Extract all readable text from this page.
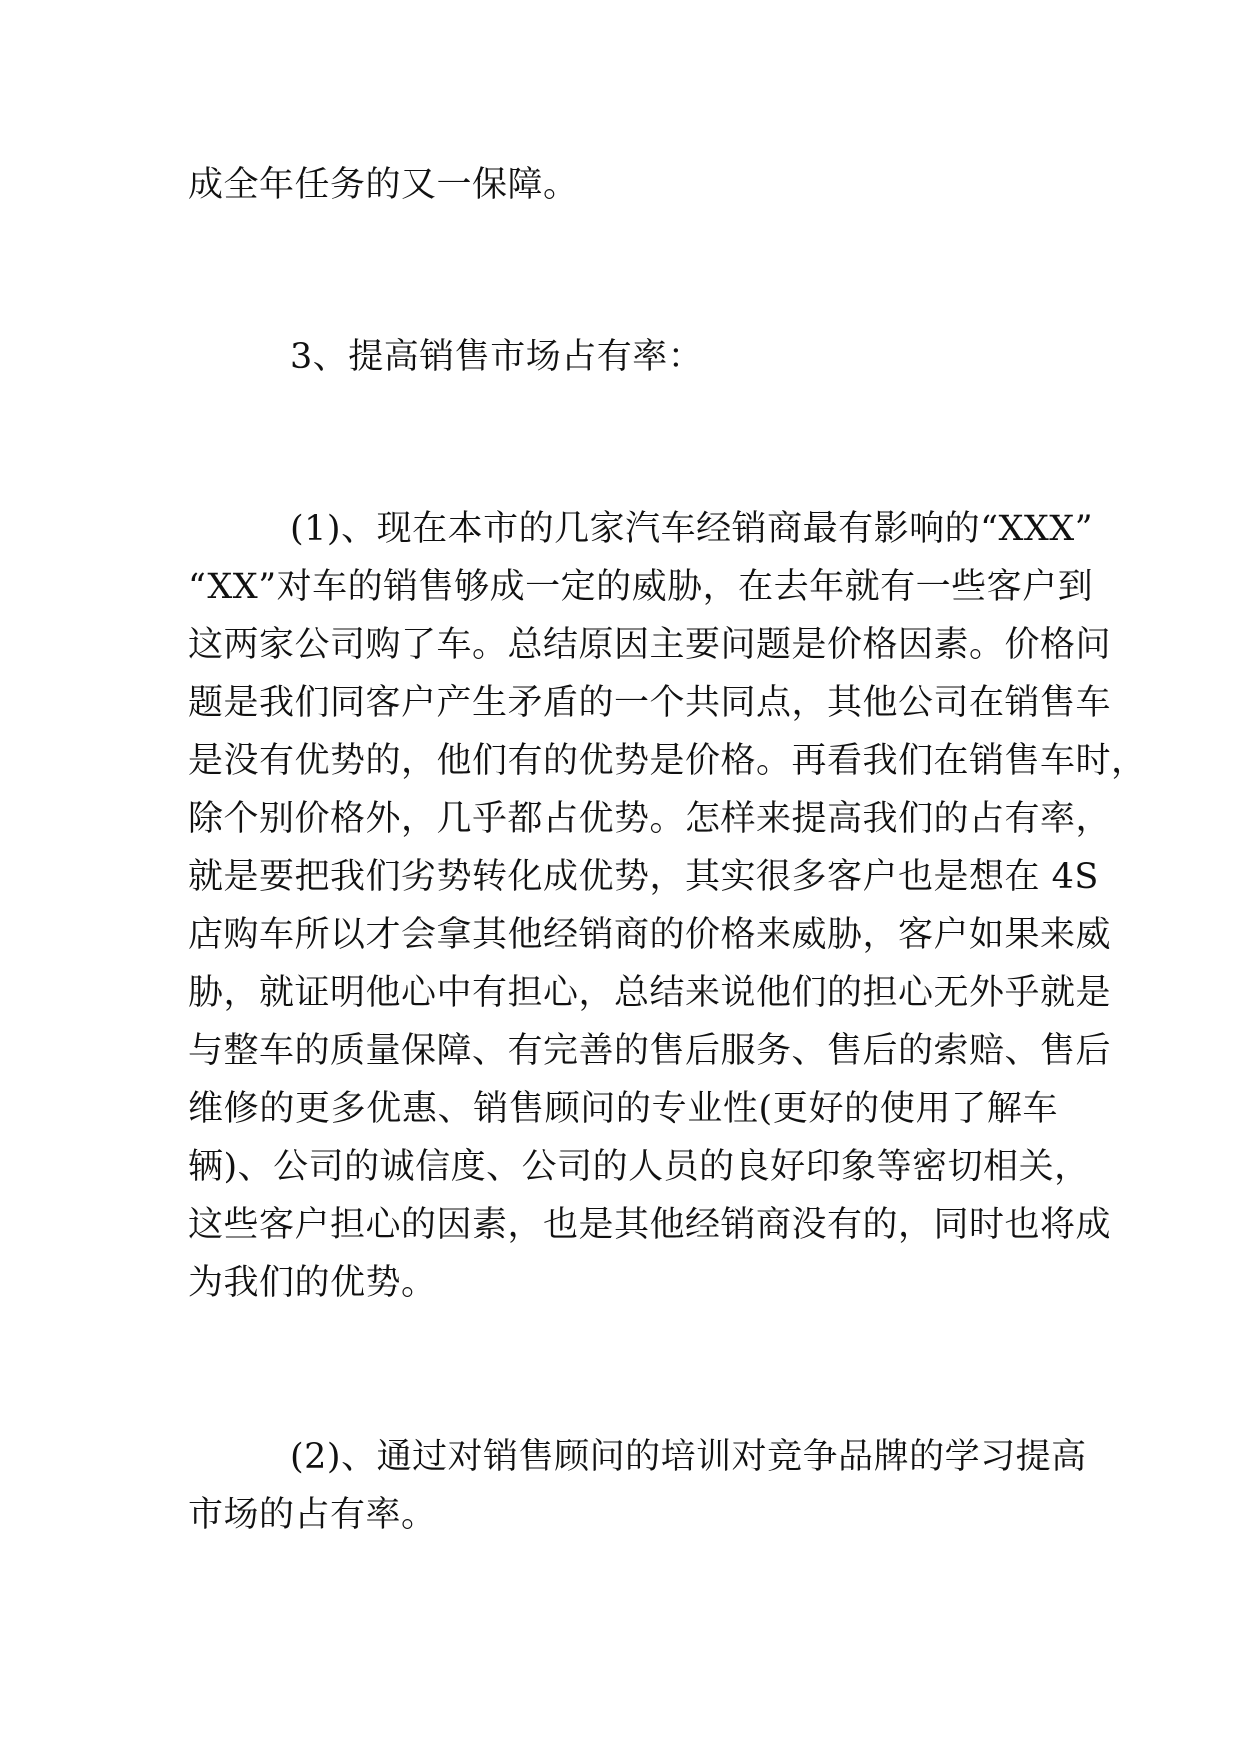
成全年任务的又一保障。
3、提高销售市场占有率：
(1)、现在本市的几家汽车经销商最有影响的“XXX”
“XX”对车的销售够成一定的威胁，在去年就有一些客户到
这两家公司购了车。总结原因主要问题是价格因素。价格问
题是我们同客户产生矛盾的一个共同点，其他公司在销售车
是没有优势的，他们有的优势是价格。再看我们在销售车时，
除个别价格外，几乎都占优势。怎样来提高我们的占有率，
就是要把我们劣势转化成优势，其实很多客户也是想在 4S
店购车所以才会拿其他经销商的价格来威胁，客户如果来威
胁，就证明他心中有担心，总结来说他们的担心无外乎就是
与整车的质量保障、有完善的售后服务、售后的索赔、售后
维修的更多优惠、销售顾问的专业性(更好的使用了解车
辆)、公司的诚信度、公司的人员的良好印象等密切相关，
这些客户担心的因素，也是其他经销商没有的，同时也将成
为我们的优势。
(2)、通过对销售顾问的培训对竞争品牌的学习提高
市场的占有率。
